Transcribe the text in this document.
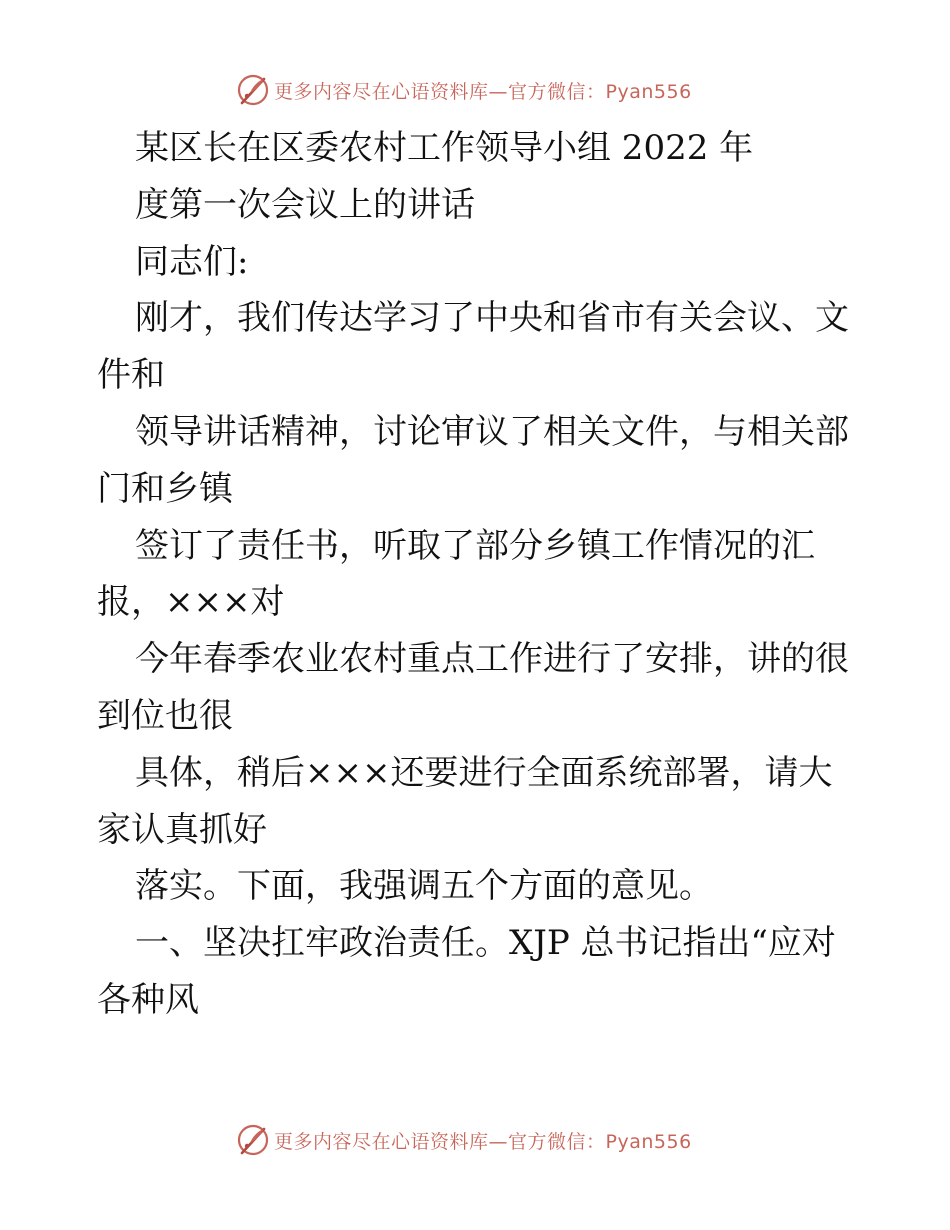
更多内容尽在心语资料库—官方微信：Pyan556
某区长在区委农村工作领导小组 2022 年
度第一次会议上的讲话
同志们:
刚才，我们传达学习了中央和省市有关会议、文
件和
领导讲话精神，讨论审议了相关文件，与相关部
门和乡镇
签订了责任书，听取了部分乡镇工作情况的汇
报，×××对
今年春季农业农村重点工作进行了安排，讲的很
到位也很
具体，稍后×××还要进行全面系统部署，请大
家认真抓好
落实。下面，我强调五个方面的意见。
一、坚决扛牢政治责任。XJP 总书记指出“应对
各种风
更多内容尽在心语资料库—官方微信：Pyan556
